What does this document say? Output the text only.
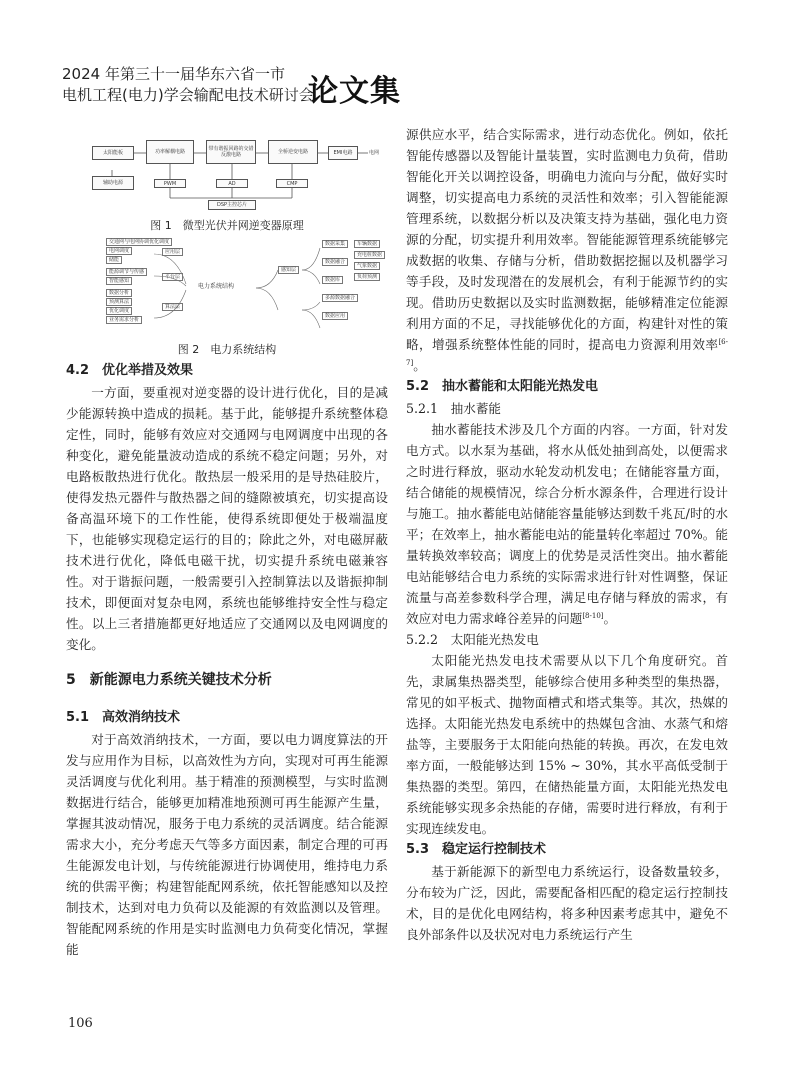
2024 年第三十一届华东六省一市
电机工程(电力)学会输配电技术研讨会
论文集
太阳能板
辅助电源
功率解耦电路	带有谐振回路的交错反激电路	全桥逆变电路	EMI电路	电网
PWM	AD	CMP
DSP主控芯片
图 1　微型光伏并网逆变器原理
交通网与电网协调优化调度
电网调度
储能
应用层
能源调节与传感
智能感知
平台层
数据分析
预测算法
优化调度
业务需求分析
算法层
电力系统结构
数据采集
数据融合
数据库
多源数据融合
数据应用
感知层
车辆数据
充电桩数据
气象数据
负荷预测
图 2　电力系统结构
4.2　优化举措及效果

一方面，要重视对逆变器的设计进行优化，目的是减少能源转换中造成的损耗。基于此，能够提升系统整体稳定性，同时，能够有效应对交通网与电网调度中出现的各种变化，避免能量波动造成的系统不稳定问题；另外，对电路板散热进行优化。散热层一般采用的是导热硅胶片，使得发热元器件与散热器之间的缝隙被填充，切实提高设备高温环境下的工作性能，使得系统即便处于极端温度下，也能够实现稳定运行的目的；除此之外，对电磁屏蔽技术进行优化，降低电磁干扰，切实提升系统电磁兼容性。对于谐振问题，一般需要引入控制算法以及谐振抑制技术，即便面对复杂电网，系统也能够维持安全性与稳定性。以上三者措施都更好地适应了交通网以及电网调度的变化。

5　新能源电力系统关键技术分析
5.1　高效消纳技术

对于高效消纳技术，一方面，要以电力调度算法的开发与应用作为目标，以高效性为方向，实现对可再生能源灵活调度与优化利用。基于精准的预测模型，与实时监测数据进行结合，能够更加精准地预测可再生能源产生量，掌握其波动情况，服务于电力系统的灵活调度。结合能源需求大小，充分考虑天气等多方面因素，制定合理的可再生能源发电计划，与传统能源进行协调使用，维持电力系统的供需平衡；构建智能配网系统，依托智能感知以及控制技术，达到对电力负荷以及能源的有效监测以及管理。智能配网系统的作用是实时监测电力负荷变化情况，掌握能

源供应水平，结合实际需求，进行动态优化。例如，依托智能传感器以及智能计量装置，实时监测电力负荷，借助智能化开关以调控设备，明确电力流向与分配，做好实时调整，切实提高电力系统的灵活性和效率；引入智能能源管理系统，以数据分析以及决策支持为基础，强化电力资源的分配，切实提升利用效率。智能能源管理系统能够完成数据的收集、存储与分析，借助数据挖掘以及机器学习等手段，及时发现潜在的发展机会，有利于能源节约的实现。借助历史数据以及实时监测数据，能够精准定位能源利用方面的不足，寻找能够优化的方面，构建针对性的策略，增强系统整体性能的同时，提高电力资源利用效率[6-7]。

5.2　抽水蓄能和太阳能光热发电
5.2.1　抽水蓄能

抽水蓄能技术涉及几个方面的内容。一方面，针对发电方式。以水泵为基础，将水从低处抽到高处，以便需求之时进行释放，驱动水轮发动机发电；在储能容量方面，结合储能的规模情况，综合分析水源条件，合理进行设计与施工。抽水蓄能电站储能容量能够达到数千兆瓦/时的水平；在效率上，抽水蓄能电站的能量转化率超过 70%。能量转换效率较高；调度上的优势是灵活性突出。抽水蓄能电站能够结合电力系统的实际需求进行针对性调整，保证流量与高差参数科学合理，满足电存储与释放的需求，有效应对电力需求峰谷差异的问题[8-10]。

5.2.2　太阳能光热发电

太阳能光热发电技术需要从以下几个角度研究。首先，隶属集热器类型，能够综合使用多种类型的集热器，常见的如平板式、抛物面槽式和塔式集等。其次，热媒的选择。太阳能光热发电系统中的热媒包含油、水蒸气和熔盐等，主要服务于太阳能向热能的转换。再次，在发电效率方面，一般能够达到 15% ~ 30%，其水平高低受制于集热器的类型。第四，在储热能量方面，太阳能光热发电系统能够实现多余热能的存储，需要时进行释放，有利于实现连续发电。

5.3　稳定运行控制技术

基于新能源下的新型电力系统运行，设备数量较多，分布较为广泛，因此，需要配备相匹配的稳定运行控制技术，目的是优化电网结构，将多种因素考虑其中，避免不良外部条件以及状况对电力系统运行产生

106
